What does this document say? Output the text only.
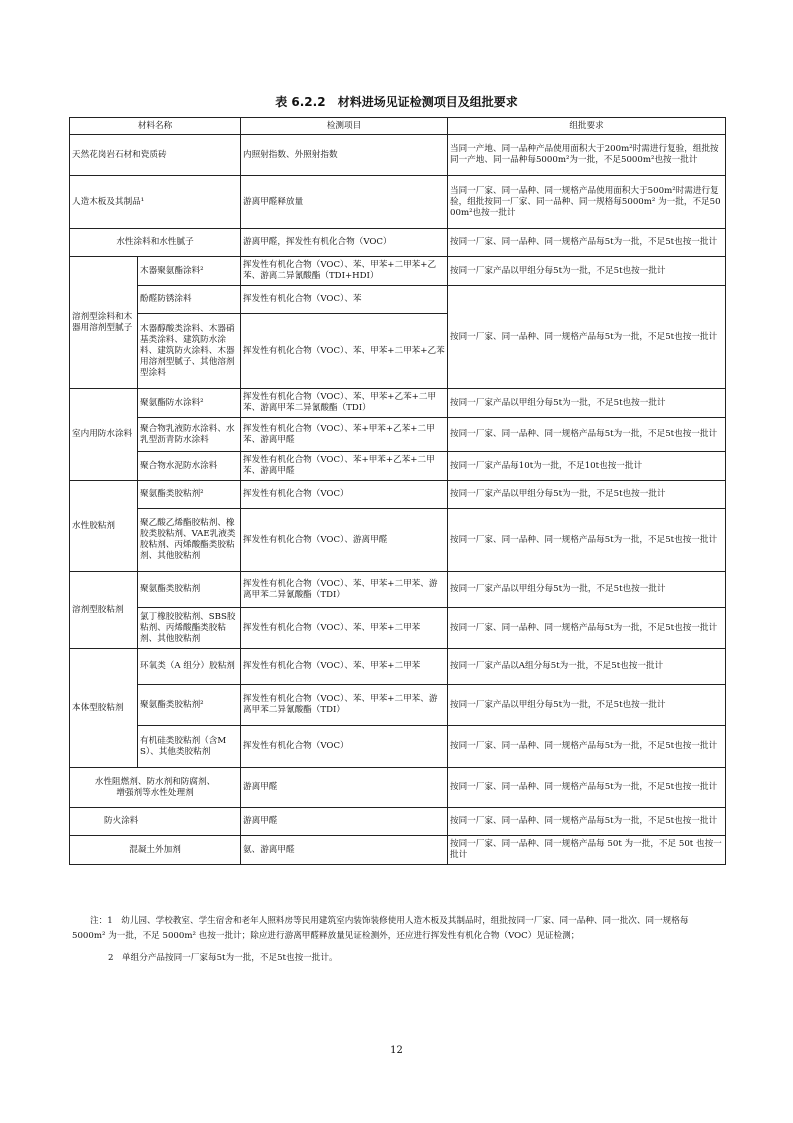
表 6.2.2 材料进场见证检测项目及组批要求
材料名称		检测项目	组批要求
天然花岗岩石材和瓷质砖		内照射指数、外照射指数	当同一产地、同一品种产品使用面积大于200m²时需进行复验，组批按同一产地、同一品种每5000m²为一批，不足5000m²也按一批计
人造木板及其制品¹		游离甲醛释放量	当同一厂家、同一品种、同一规格产品使用面积大于500m²时需进行复验，组批按同一厂家、同一品种、同一规格每5000m² 为一批，不足5000m²也按一批计
水性涂料和水性腻子		游离甲醛，挥发性有机化合物（VOC）	按同一厂家、同一品种、同一规格产品每5t为一批，不足5t也按一批计
溶剂型涂料和木器用溶剂型腻子	木器聚氨酯涂料²	挥发性有机化合物（VOC）、苯、甲苯+二甲苯+乙苯、游离二异氰酸酯（TDI+HDI）	按同一厂家产品以甲组分每5t为一批，不足5t也按一批计
	酚醛防锈涂料	挥发性有机化合物（VOC）、苯	按同一厂家、同一品种、同一规格产品每5t为一批，不足5t也按一批计
	木器醇酸类涂料、木器硝基类涂料、建筑防水涂料、建筑防火涂料、木器用溶剂型腻子、其他溶剂型涂料	挥发性有机化合物（VOC）、苯、甲苯+二甲苯+乙苯	
室内用防水涂料	聚氨酯防水涂料²	挥发性有机化合物（VOC）、苯、甲苯+乙苯+二甲苯、游离甲苯二异氰酸酯（TDI）	按同一厂家产品以甲组分每5t为一批，不足5t也按一批计
	聚合物乳液防水涂料、水乳型沥青防水涂料	挥发性有机化合物（VOC）、苯+甲苯+乙苯+二甲苯、游离甲醛	按同一厂家、同一品种、同一规格产品每5t为一批，不足5t也按一批计
	聚合物水泥防水涂料	挥发性有机化合物（VOC）、苯+甲苯+乙苯+二甲苯、游离甲醛	按同一厂家产品每10t为一批，不足10t也按一批计
水性胶粘剂	聚氨酯类胶粘剂²	挥发性有机化合物（VOC）	按同一厂家产品以甲组分每5t为一批，不足5t也按一批计
	聚乙酸乙烯酯胶粘剂、橡胶类胶粘剂、VAE乳液类胶粘剂、丙烯酸酯类胶粘剂、其他胶粘剂	挥发性有机化合物（VOC）、游离甲醛	按同一厂家、同一品种、同一规格产品每5t为一批，不足5t也按一批计
溶剂型胶粘剂	聚氨酯类胶粘剂	挥发性有机化合物（VOC）、苯、甲苯+二甲苯、游离甲苯二异氰酸酯（TDI）	按同一厂家产品以甲组分每5t为一批，不足5t也按一批计
	氯丁橡胶胶粘剂、SBS胶粘剂、丙烯酸酯类胶粘剂、其他胶粘剂	挥发性有机化合物（VOC）、苯、甲苯+二甲苯	按同一厂家、同一品种、同一规格产品每5t为一批，不足5t也按一批计
本体型胶粘剂	环氧类（A 组分）胶粘剂	挥发性有机化合物（VOC）、苯、甲苯+二甲苯	按同一厂家产品以A组分每5t为一批，不足5t也按一批计
	聚氨酯类胶粘剂²	挥发性有机化合物（VOC）、苯、甲苯+二甲苯、游离甲苯二异氰酸酯（TDI）	按同一厂家产品以甲组分每5t为一批，不足5t也按一批计
	有机硅类胶粘剂（含MS）、其他类胶粘剂	挥发性有机化合物（VOC）	按同一厂家、同一品种、同一规格产品每5t为一批，不足5t也按一批计
水性阻燃剂、防水剂和防腐剂、增强剂等水性处理剂		游离甲醛	按同一厂家、同一品种、同一规格产品每5t为一批，不足5t也按一批计
防火涂料		游离甲醛	按同一厂家、同一品种、同一规格产品每5t为一批，不足5t也按一批计
混凝土外加剂		氨、游离甲醛	按同一厂家、同一品种、同一规格产品每 50t 为一批，不足 50t 也按一批计
注：1　幼儿园、学校教室、学生宿舍和老年人照料房等民用建筑室内装饰装修使用人造木板及其制品时，组批按同一厂家、同一品种、同一批次、同一规格每 5000m² 为一批，不足 5000m² 也按一批计；除应进行游离甲醛释放量见证检测外，还应进行挥发性有机化合物（VOC）见证检测；
2　单组分产品按同一厂家每5t为一批，不足5t也按一批计。
12
